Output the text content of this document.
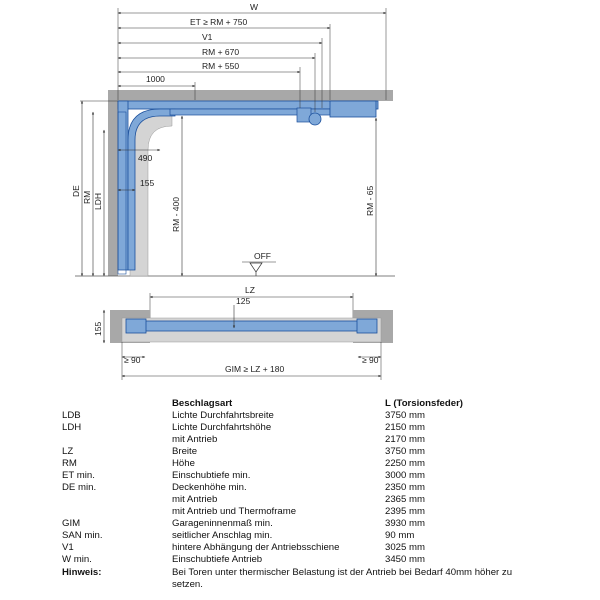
W
ET ≥ RM + 750
V1
RM + 670
RM + 550
1000
490
155
DE RM LDH	RM - 400	RM - 65
OFF
LZ
125
155
≥ 90	≥ 90
GIM ≥ LZ + 180
Beschlagsart	L (Torsionsfeder)
LDB	Lichte Durchfahrtsbreite	3750 mm
LDH	Lichte Durchfahrtshöhe	2150 mm
mit Antrieb	2170 mm
LZ	Breite	3750 mm
RM	Höhe	2250 mm
ET min.	Einschubtiefe min.	3000 mm
DE min.	Deckenhöhe min.	2350 mm
mit Antrieb	2365 mm
mit Antrieb und Thermoframe	2395 mm
GIM	Garageninnenmaß min.	3930 mm
SAN min.	seitlicher Anschlag min.	90 mm
V1	hintere Abhängung der Antriebsschiene	3025 mm
W min.	Einschubtiefe Antrieb	3450 mm
Hinweis:	Bei Toren unter thermischer Belastung ist der Antrieb bei Bedarf 40mm höher zu setzen.
